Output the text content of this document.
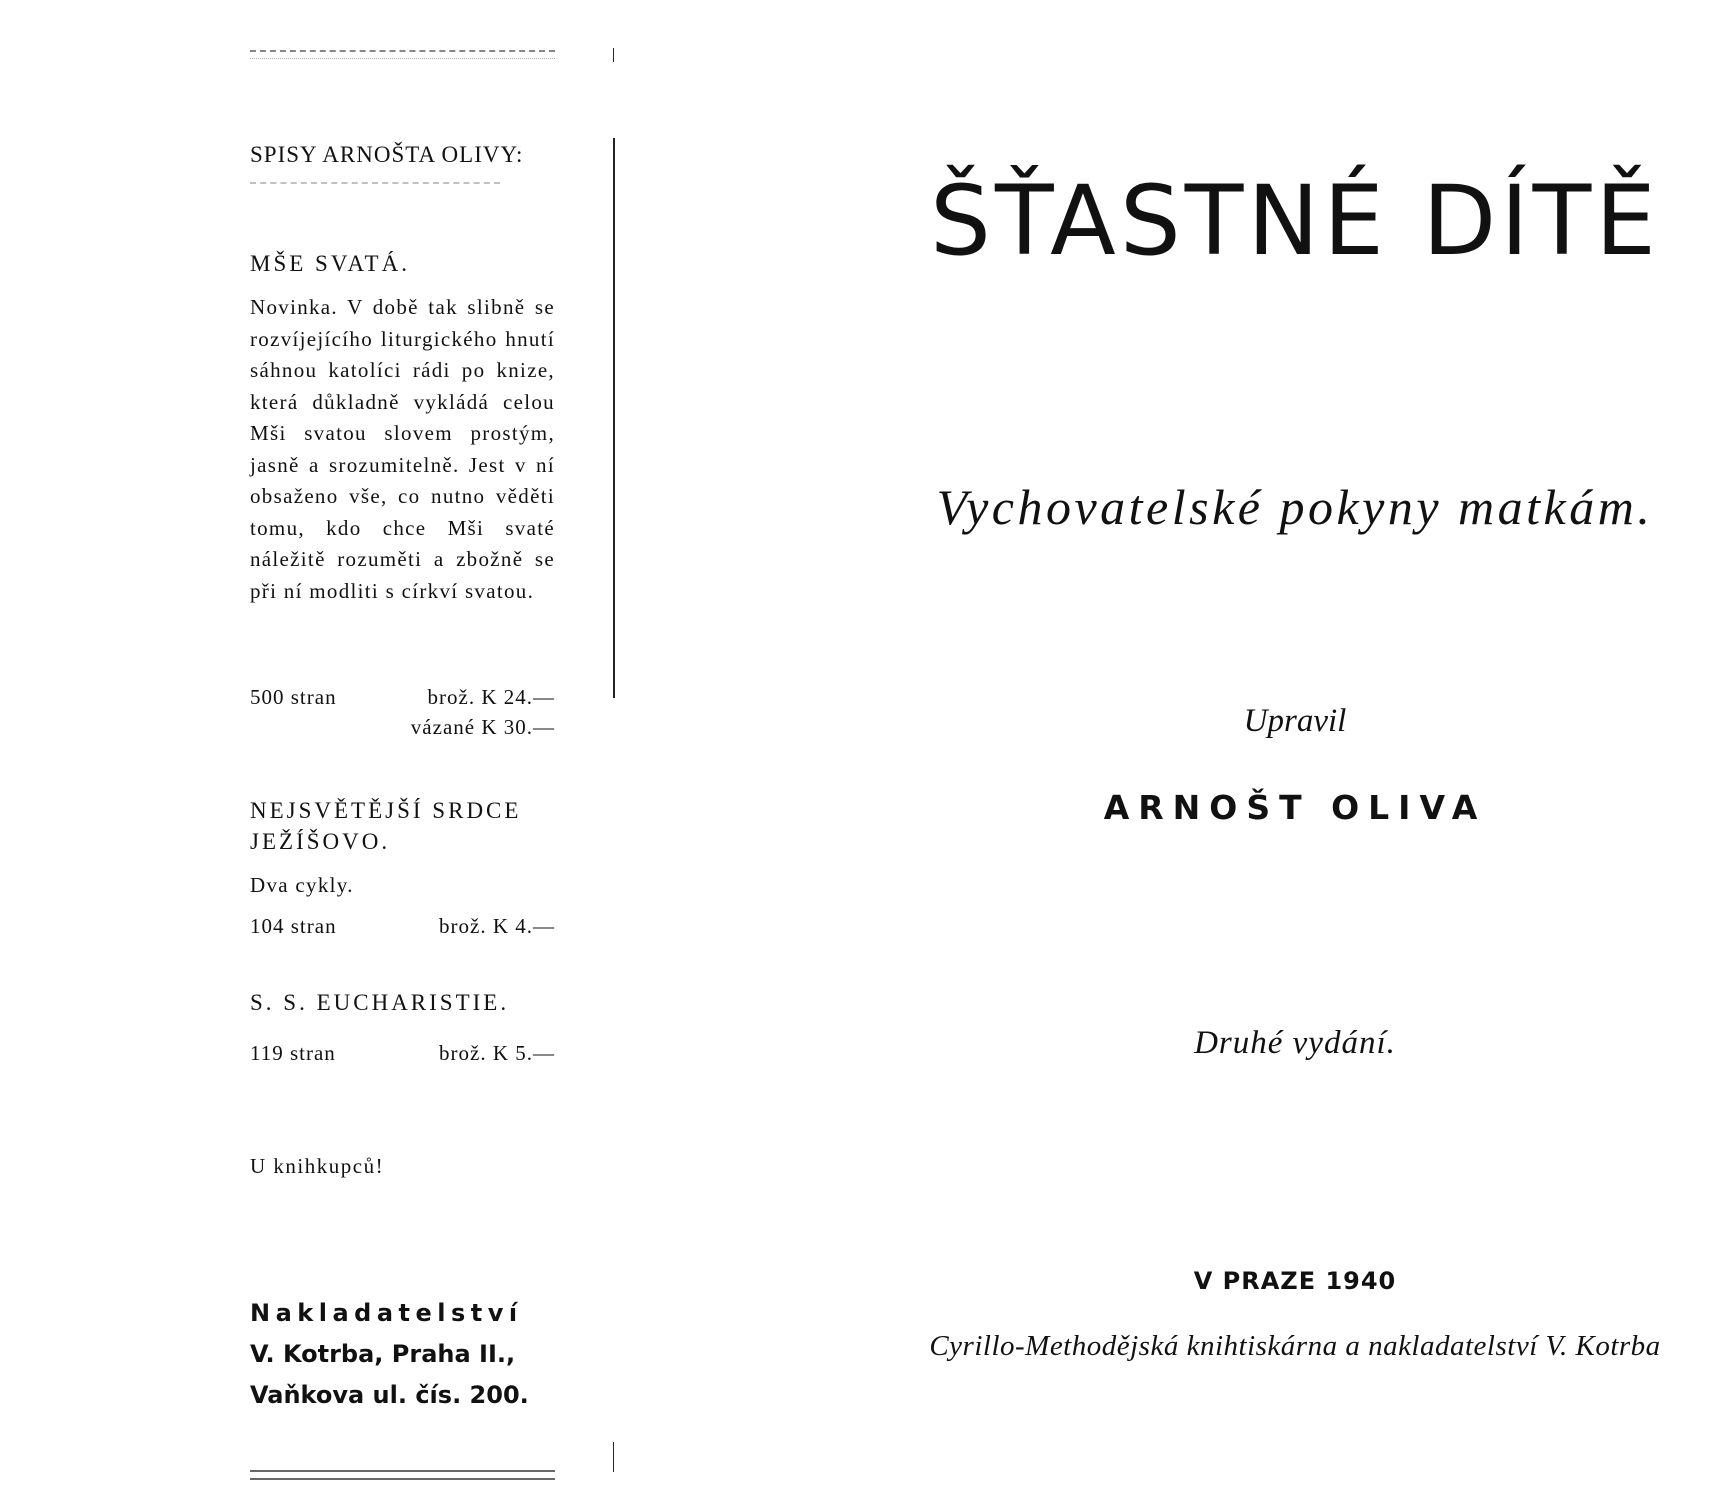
SPISY ARNOŠTA OLIVY:
MŠE SVATÁ.
Novinka. V době tak slibně se rozvíjejícího liturgického hnutí sáhnou katolíci rádi po knize, která důkladně vykládá celou Mši svatou slovem prostým, jasně a srozumitelně. Jest v ní obsaženo vše, co nutno věděti tomu, kdo chce Mši svaté náležitě rozuměti a zbožně se při ní modliti s církví svatou.
500 stran	brož. K 24.—
vázané K 30.—
NEJSVĚTĚJŠÍ SRDCE
JEŽÍŠOVO.
Dva cykly.
104 stran	brož. K 4.—
S. S. EUCHARISTIE.
119 stran	brož. K 5.—
U knihkupců!
Nakladatelství
V. Kotrba, Praha II.,
Vaňkova ul. čís. 200.
ŠŤASTNÉ DÍTĚ
Vychovatelské pokyny matkám.
Upravil
ARNOŠT OLIVA
Druhé vydání.
V PRAZE 1940
Cyrillo-Methodějská knihtiskárna a nakladatelství V. Kotrba
